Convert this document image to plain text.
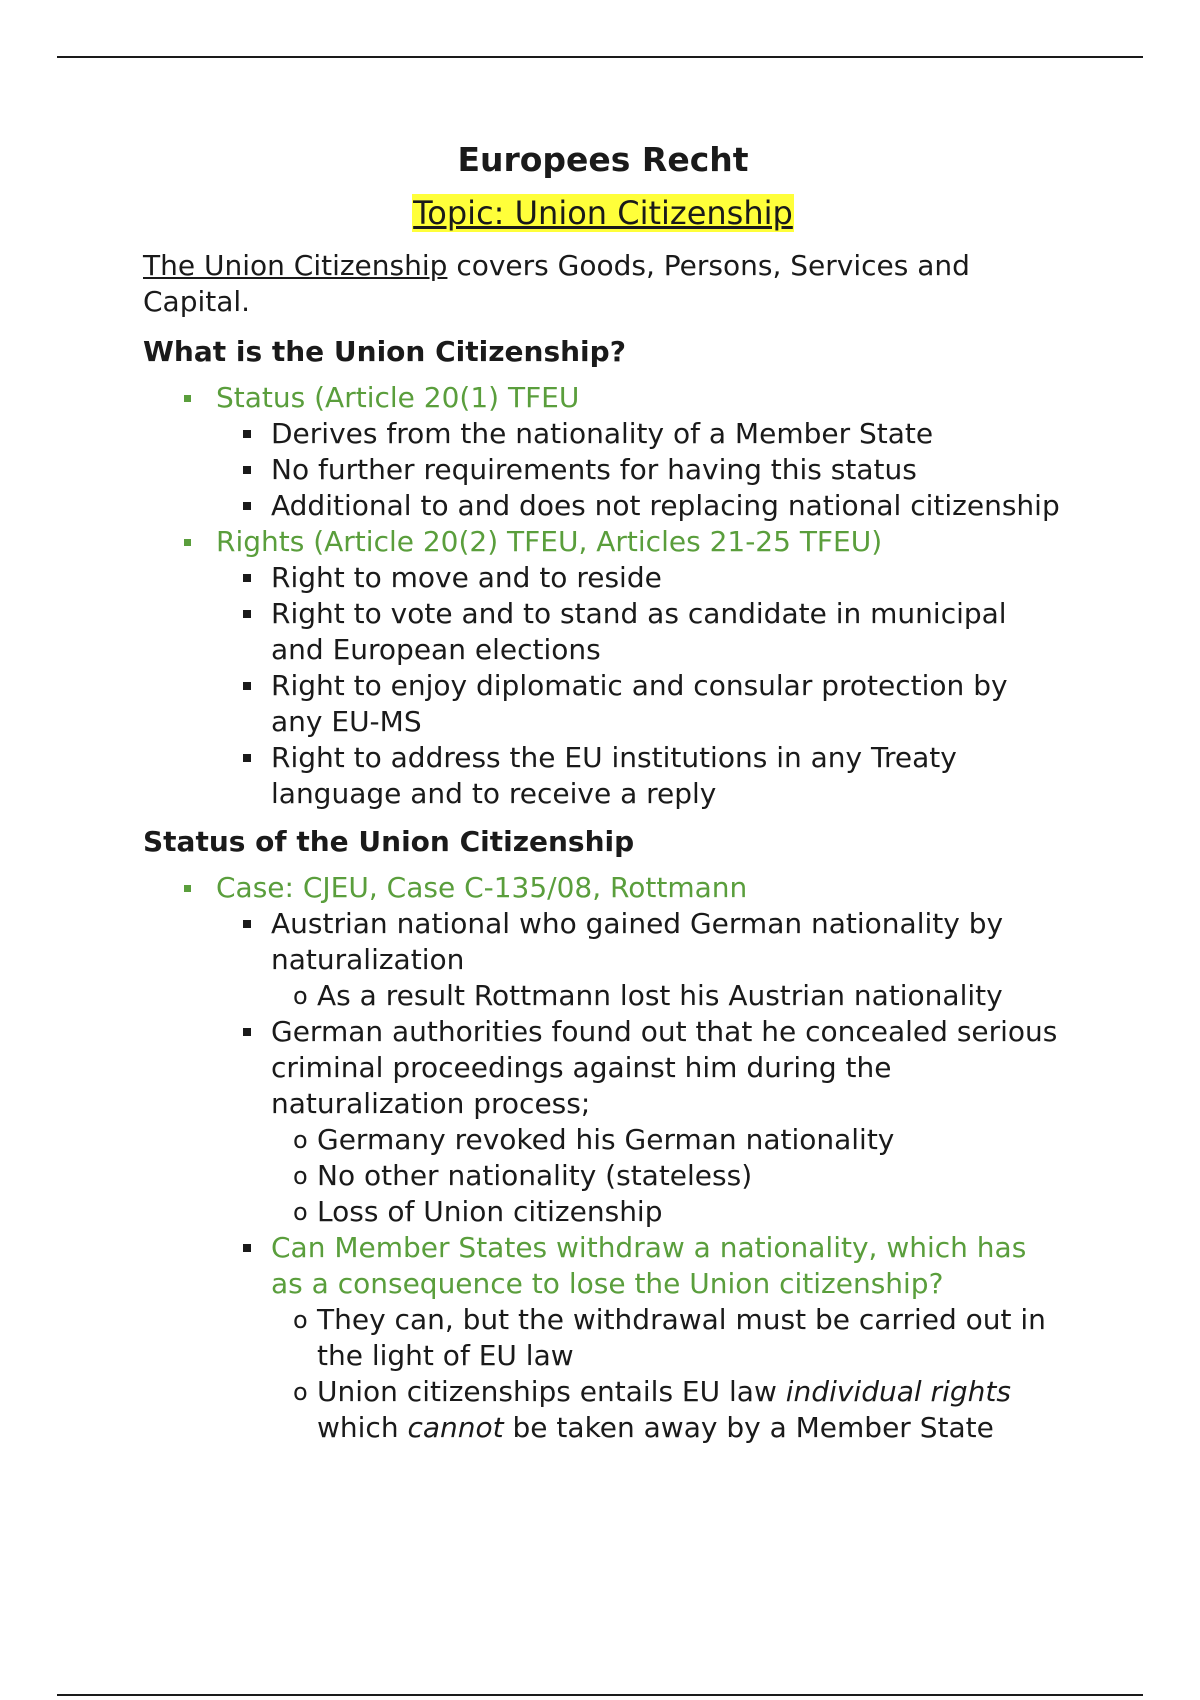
Europees Recht
Topic: Union Citizenship

The Union Citizenship covers Goods, Persons, Services and Capital.

What is the Union Citizenship?
Status (Article 20(1) TFEU
Derives from the nationality of a Member State
No further requirements for having this status
Additional to and does not replacing national citizenship
Rights (Article 20(2) TFEU, Articles 21-25 TFEU)
Right to move and to reside
Right to vote and to stand as candidate in municipal and European elections
Right to enjoy diplomatic and consular protection by any EU-MS
Right to address the EU institutions in any Treaty language and to receive a reply
Status of the Union Citizenship
Case: CJEU, Case C-135/08, Rottmann
Austrian national who gained German nationality by naturalization
o As a result Rottmann lost his Austrian nationality
German authorities found out that he concealed serious criminal proceedings against him during the naturalization process;
o Germany revoked his German nationality
o No other nationality (stateless)
o Loss of Union citizenship
Can Member States withdraw a nationality, which has as a consequence to lose the Union citizenship?
o They can, but the withdrawal must be carried out in the light of EU law
o Union citizenships entails EU law individual rights which cannot be taken away by a Member State
